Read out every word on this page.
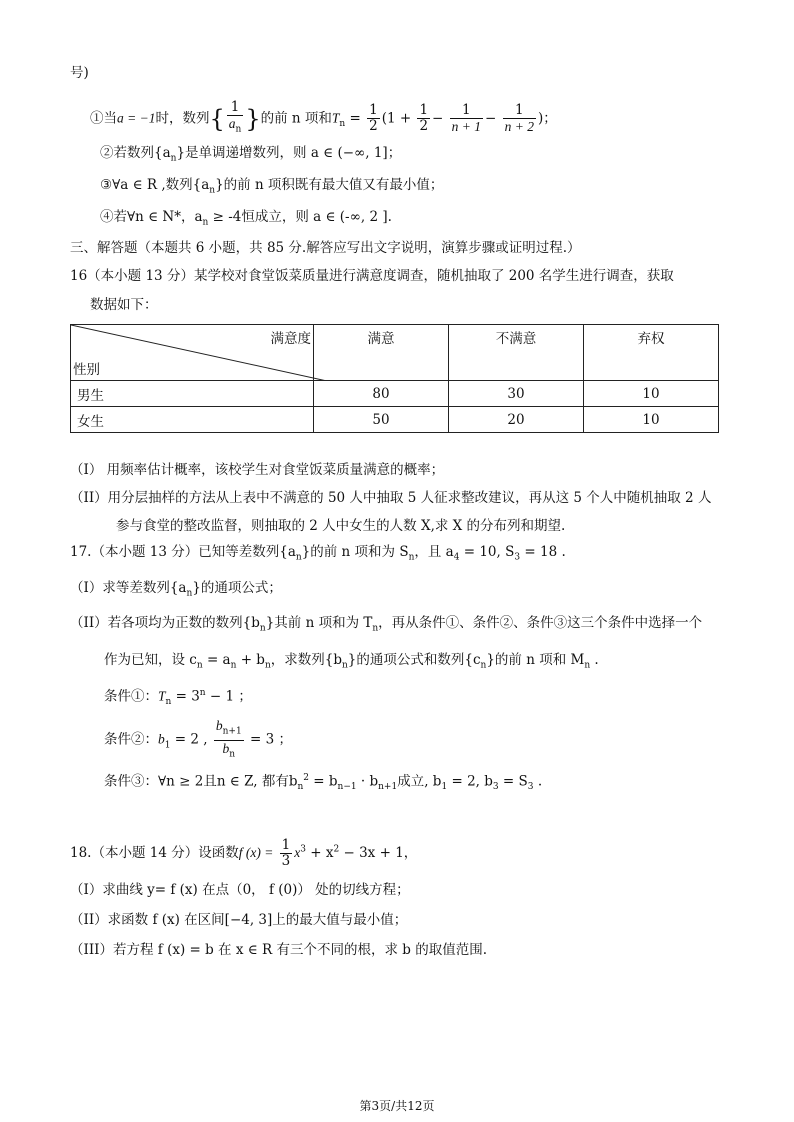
号)
①当a = −1时，数列{ $\frac{1}{a_n}$ }的前 n 项和$T_n = \frac{1}{2} (1 + \frac{1}{2} - \frac{1}{n + 1} - \frac{1}{n + 2}$ )；
②若数列$\{a_n\}$是单调递增数列，则 a ∈ (−∞, 1]；
③∀a ∈ R ,数列$\{a_n\}$的前 n 项积既有最大值又有最小值；
④若∀n ∈ N*，$a_n \ge -4$恒成立，则 a ∈ (-∞, 2 ].
三、解答题（本题共 6 小题，共 85 分.解答应写出文字说明，演算步骤或证明过程.）
16（本小题 13 分）某学校对食堂饭菜质量进行满意度调查，随机抽取了 200 名学生进行调查，获取
数据如下：
满意度
性别	满意	不满意	弃权
男生	80	30	10
女生	50	20	10
（I） 用频率估计概率，该校学生对食堂饭菜质量满意的概率；
（II）用分层抽样的方法从上表中不满意的 50 人中抽取 5 人征求整改建议，再从这 5 个人中随机抽取 2 人
参与食堂的整改监督，则抽取的 2 人中女生的人数 X,求 X 的分布列和期望.
17.（本小题 13 分）已知等差数列$\{a_n\}$的前 n 项和为 $S_n$，且 $a_4 = 10$, $S_3 = 18$ .
（I）求等差数列$\{a_n\}$的通项公式；
（II）若各项均为正数的数列$\{b_n\}$其前 n 项和为 $T_n$，再从条件①、条件②、条件③这三个条件中选择一个
作为已知，设 $c_n = a_n + b_n$，求数列$\{b_n\}$的通项公式和数列$\{c_n\}$的前 n 项和 $M_n$ .
条件①：$T_n = 3^n - 1$ ；
条件②：$b_1 = 2$ , $\frac{b_{n+1}}{b_n} = 3$ ；
条件③：∀n ≥ 2且n ∈ Z, 都有$b_n^2 = b_{n-1} \cdot b_{n+1}$成立, $b_1 = 2$, $b_3 = S_3$ .
18.（本小题 14 分）设函数f $(x) = \frac{1}{3} x^3 + x^2 - 3x + 1$，
（I）求曲线 y= f (x) 在点（0， f (0)） 处的切线方程；
（II）求函数 f (x) 在区间[−4, 3]上的最大值与最小值；
（III）若方程 f (x) = b 在 x ∈ R 有三个不同的根，求 b 的取值范围.
第3页/共12页
